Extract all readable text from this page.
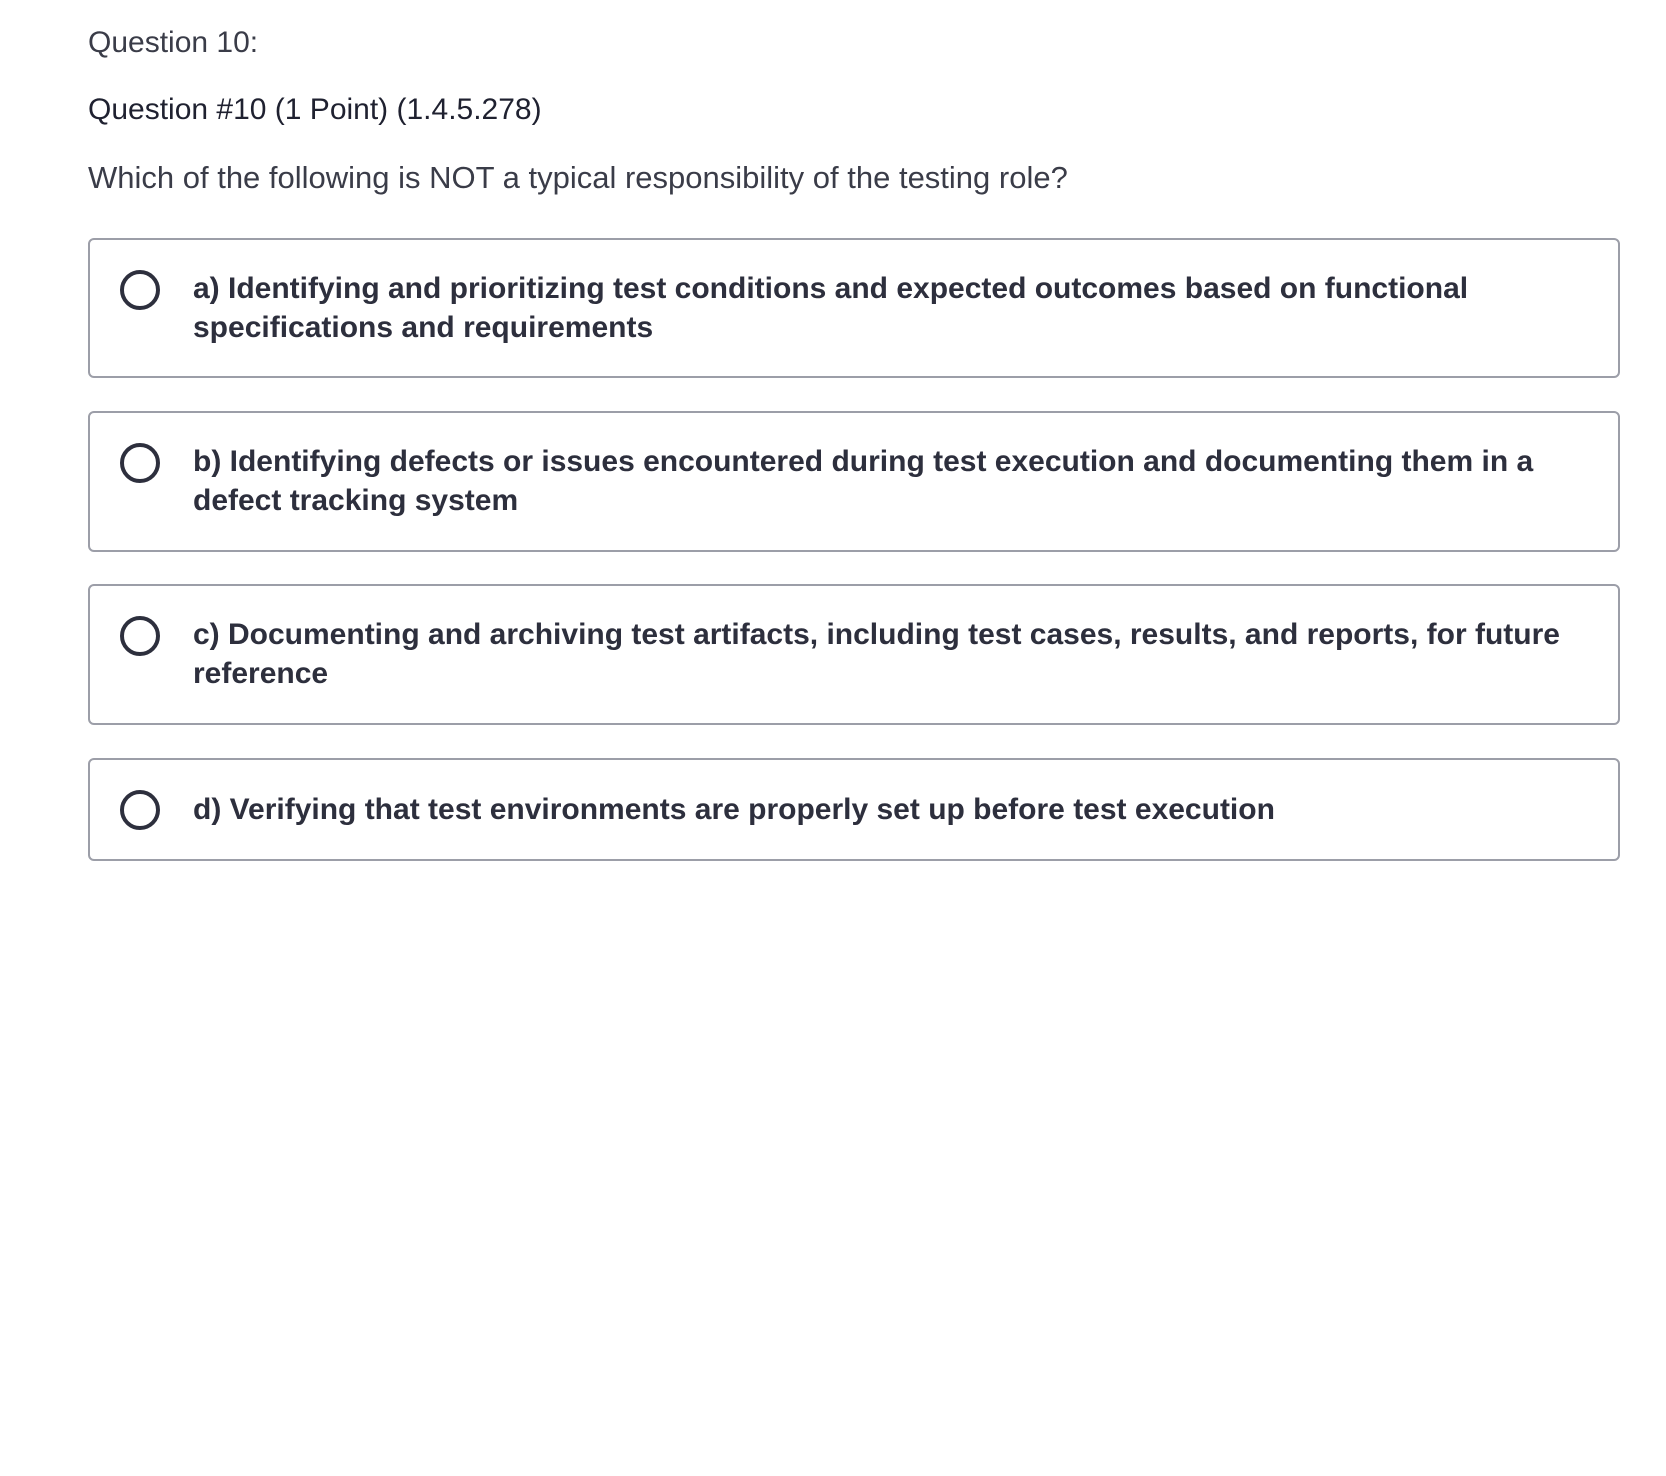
Question 10:
Question #10 (1 Point) (1.4.5.278)
Which of the following is NOT a typical responsibility of the testing role?
a) Identifying and prioritizing test conditions and expected outcomes based on functional specifications and requirements
b) Identifying defects or issues encountered during test execution and documenting them in a defect tracking system
c) Documenting and archiving test artifacts, including test cases, results, and reports, for future reference
d) Verifying that test environments are properly set up before test execution
